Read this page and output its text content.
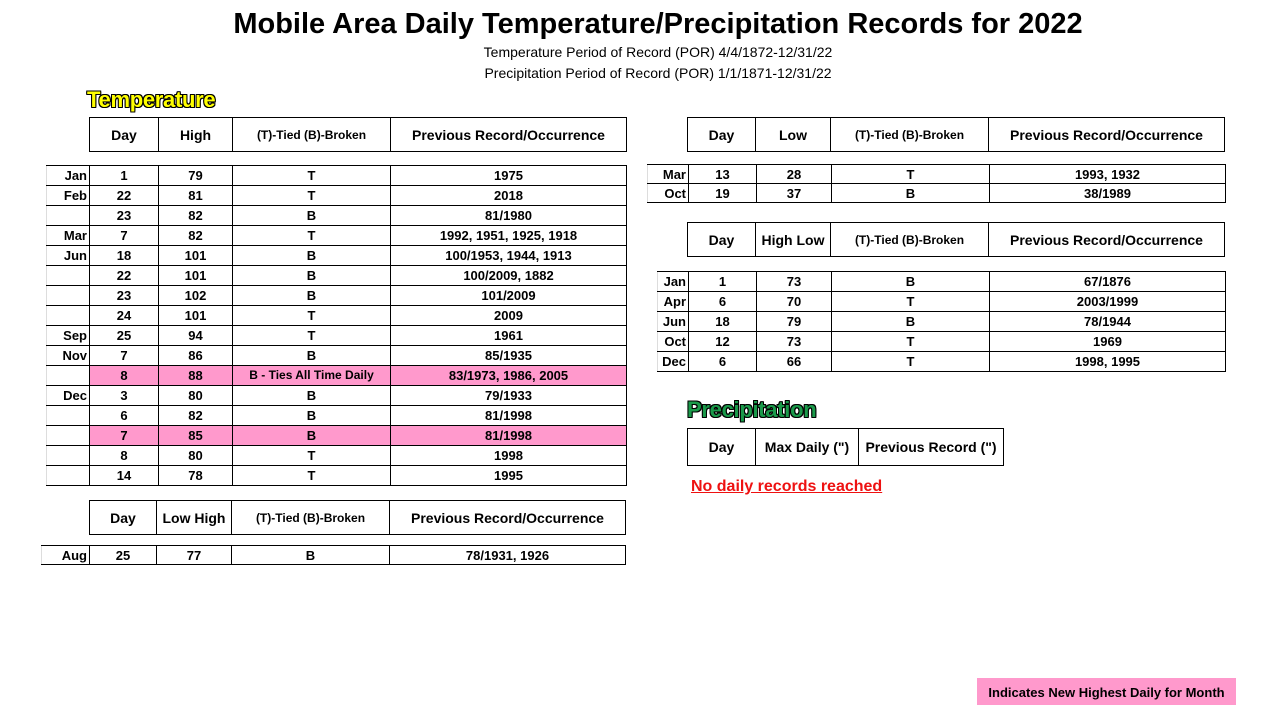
Mobile Area Daily Temperature/Precipitation Records for 2022
Temperature Period of Record (POR) 4/4/1872-12/31/22
Precipitation Period of Record (POR) 1/1/1871-12/31/22
Temperature
Day	High	(T)-Tied (B)-Broken	Previous Record/Occurrence
Jan	1	79	T	1975
Feb	22	81	T	2018
	23	82	B	81/1980
Mar	7	82	T	1992, 1951, 1925, 1918
Jun	18	101	B	100/1953, 1944, 1913
	22	101	B	100/2009, 1882
	23	102	B	101/2009
	24	101	T	2009
Sep	25	94	T	1961
Nov	7	86	B	85/1935
	8	88	B - Ties All Time Daily	83/1973, 1986, 2005
Dec	3	80	B	79/1933
	6	82	B	81/1998
	7	85	B	81/1998
	8	80	T	1998
	14	78	T	1995
Day	Low High	(T)-Tied (B)-Broken	Previous Record/Occurrence
Aug	25	77	B	78/1931, 1926
Day	Low	(T)-Tied (B)-Broken	Previous Record/Occurrence
Mar	13	28	T	1993, 1932
Oct	19	37	B	38/1989
Day	High Low	(T)-Tied (B)-Broken	Previous Record/Occurrence
Jan	1	73	B	67/1876
Apr	6	70	T	2003/1999
Jun	18	79	B	78/1944
Oct	12	73	T	1969
Dec	6	66	T	1998, 1995
Precipitation
Day	Max Daily (")	Previous Record (")
No daily records reached
Indicates New Highest Daily for Month
